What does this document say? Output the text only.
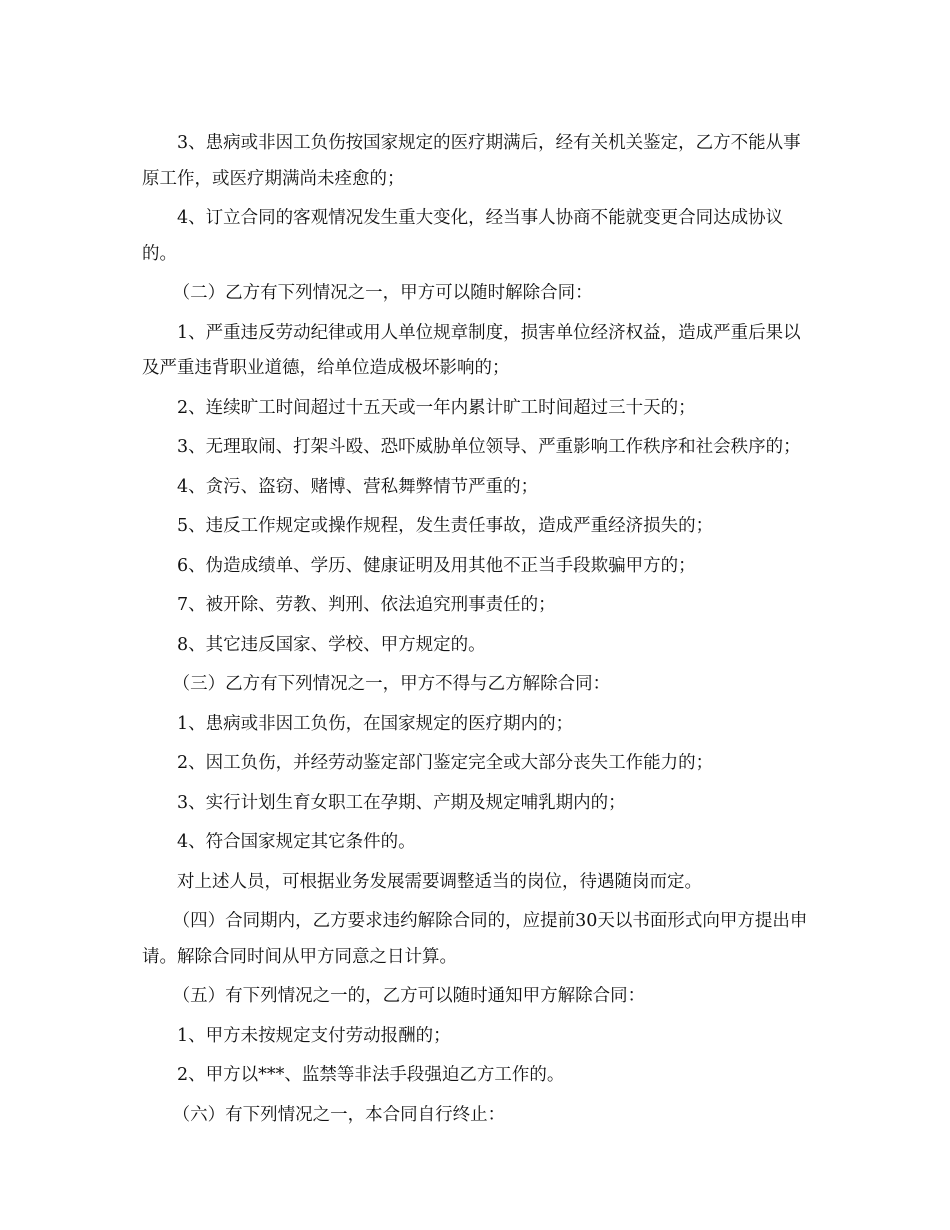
3、患病或非因工负伤按国家规定的医疗期满后，经有关机关鉴定，乙方不能从事原工作，或医疗期满尚未痊愈的；

4、订立合同的客观情况发生重大变化，经当事人协商不能就变更合同达成协议的。

（二）乙方有下列情况之一，甲方可以随时解除合同：

1、严重违反劳动纪律或用人单位规章制度，损害单位经济权益，造成严重后果以及严重违背职业道德，给单位造成极坏影响的；

2、连续旷工时间超过十五天或一年内累计旷工时间超过三十天的；

3、无理取闹、打架斗殴、恐吓威胁单位领导、严重影响工作秩序和社会秩序的；

4、贪污、盗窃、赌博、营私舞弊情节严重的；

5、违反工作规定或操作规程，发生责任事故，造成严重经济损失的；

6、伪造成绩单、学历、健康证明及用其他不正当手段欺骗甲方的；

7、被开除、劳教、判刑、依法追究刑事责任的；

8、其它违反国家、学校、甲方规定的。

（三）乙方有下列情况之一，甲方不得与乙方解除合同：

1、患病或非因工负伤，在国家规定的医疗期内的；

2、因工负伤，并经劳动鉴定部门鉴定完全或大部分丧失工作能力的；

3、实行计划生育女职工在孕期、产期及规定哺乳期内的；

4、符合国家规定其它条件的。

对上述人员，可根据业务发展需要调整适当的岗位，待遇随岗而定。

（四）合同期内，乙方要求违约解除合同的，应提前30天以书面形式向甲方提出申请。解除合同时间从甲方同意之日计算。

（五）有下列情况之一的，乙方可以随时通知甲方解除合同：

1、甲方未按规定支付劳动报酬的；

2、甲方以***、监禁等非法手段强迫乙方工作的。

（六）有下列情况之一，本合同自行终止：
